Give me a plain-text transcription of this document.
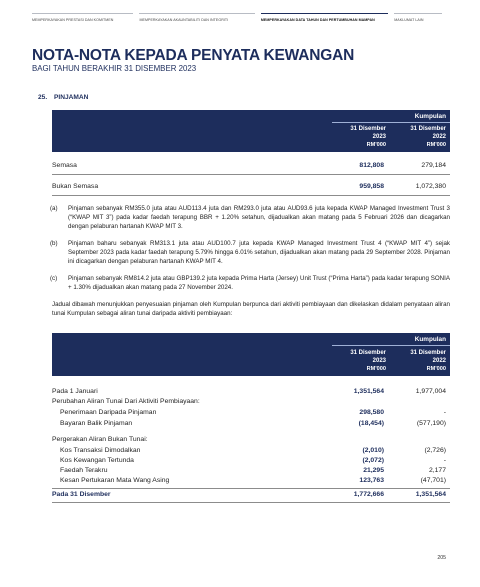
MEMPERKAYAKAN PRESTASI DAN KOMITMEN	MEMPERKAYAKAN AKAUNTABILITI DAN INTEGRITI	MEMPERKAYAKAN DATA TAHUN DAN PERTUMBUHAN MAMPAN	MAKLUMAT LAIN
NOTA-NOTA KEPADA PENYATA KEWANGAN
BAGI TAHUN BERAKHIR 31 DISEMBER 2023
25. PINJAMAN
Kumpulan
31 Disember
2023
RM'000
31 Disember
2022
RM'000
Semasa	812,808	279,184
Bukan Semasa	959,858	1,072,380
(a) Pinjaman sebanyak RM355.0 juta atau AUD113.4 juta dan RM293.0 juta atau AUD93.6 juta kepada KWAP Managed Investment Trust 3 (“KWAP MIT 3”) pada kadar faedah terapung BBR + 1.20% setahun, dijadualkan akan matang pada 5 Februari 2026 dan dicagarkan dengan pelaburan hartanah KWAP MIT 3.
(b) Pinjaman baharu sebanyak RM313.1 juta atau AUD100.7 juta kepada KWAP Managed Investment Trust 4 (“KWAP MIT 4”) sejak September 2023 pada kadar faedah terapung 5.79% hingga 6.01% setahun, dijadualkan akan matang pada 29 September 2028. Pinjaman ini dicagarkan dengan pelaburan hartanah KWAP MIT 4.
(c) Pinjaman sebanyak RM814.2 juta atau GBP139.2 juta kepada Prima Harta (Jersey) Unit Trust (“Prima Harta”) pada kadar terapung SONIA + 1.30% dijadualkan akan matang pada 27 November 2024.
Jadual dibawah menunjukkan penyesuaian pinjaman oleh Kumpulan berpunca dari aktiviti pembiayaan dan dikelaskan didalam penyataan aliran tunai Kumpulan sebagai aliran tunai daripada aktiviti pembiayaan:
Kumpulan
31 Disember
2023
RM'000
31 Disember
2022
RM'000
Pada 1 Januari	1,351,564	1,977,004
Perubahan Aliran Tunai Dari Aktiviti Pembiayaan:
Penerimaan Daripada Pinjaman	298,580	-
Bayaran Balik Pinjaman	(18,454)	(577,190)
Pergerakan Aliran Bukan Tunai:
Kos Transaksi Dimodalkan	(2,010)	(2,726)
Kos Kewangan Tertunda	(2,072)	-
Faedah Terakru	21,295	2,177
Kesan Pertukaran Mata Wang Asing	123,763	(47,701)
Pada 31 Disember	1,772,666	1,351,564
205
